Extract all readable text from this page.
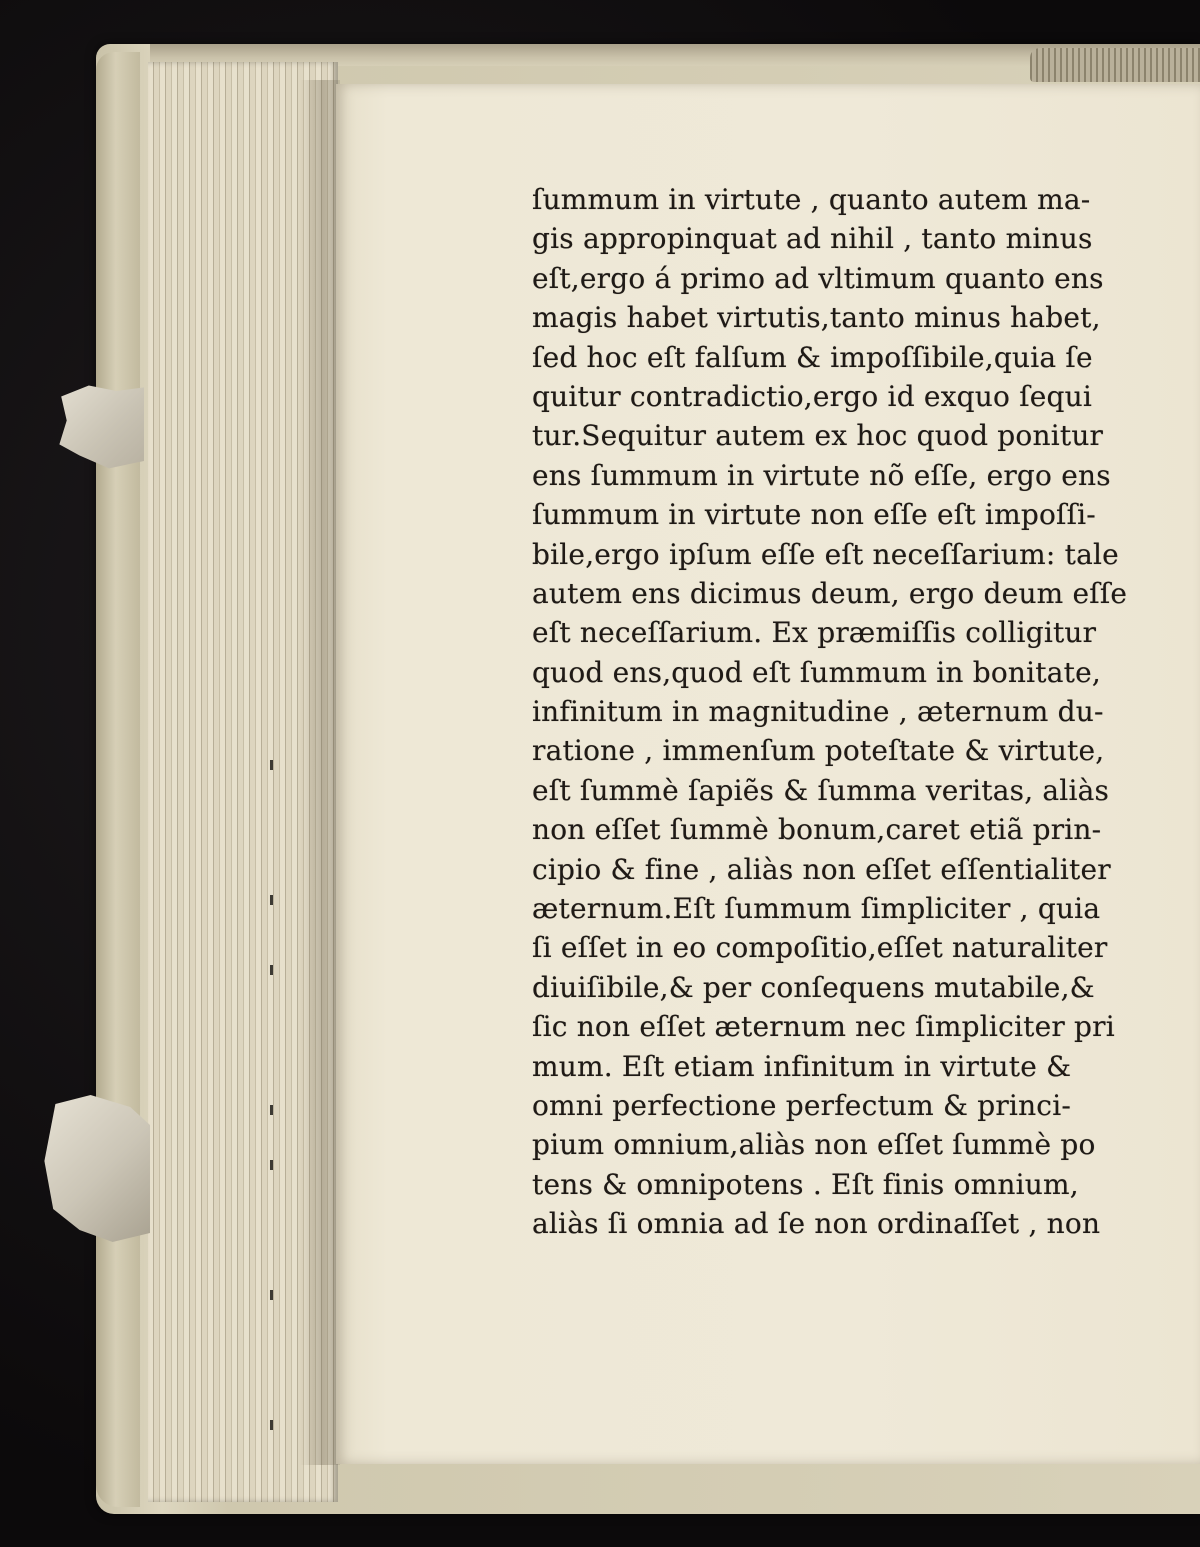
ſummum in virtute , quanto autem ma-
gis appropinquat ad nihil , tanto minus
eſt,ergo á primo ad vltimum quanto ens
magis habet virtutis,tanto minus habet,
ſed hoc eſt falſum & impoſſibile,quia ſe
quitur contradictio,ergo id exquo ſequi
tur.Sequitur autem ex hoc quod ponitur
ens ſummum in virtute nõ eſſe, ergo ens
ſummum in virtute non eſſe eſt impoſſi-
bile,ergo ipſum eſſe eſt neceſſarium: tale
autem ens dicimus deum, ergo deum eſſe
eſt neceſſarium. Ex præmiſſis colligitur
quod ens,quod eſt ſummum in bonitate,
infinitum in magnitudine , æternum du-
ratione , immenſum poteſtate & virtute,
eſt ſummè ſapiẽs & ſumma veritas, aliàs
non eſſet ſummè bonum,caret etiã prin-
cipio & fine , aliàs non eſſet eſſentialiter
æternum.Eſt ſummum ſimpliciter , quia
ſi eſſet in eo compoſitio,eſſet naturaliter
diuiſibile,& per conſequens mutabile,&
ſic non eſſet æternum nec ſimpliciter pri
mum. Eſt etiam infinitum in virtute &
omni perfectione perfectum & princi-
pium omnium,aliàs non eſſet ſummè po
tens & omnipotens . Eſt finis omnium,
aliàs ſi omnia ad ſe non ordinaſſet , non
